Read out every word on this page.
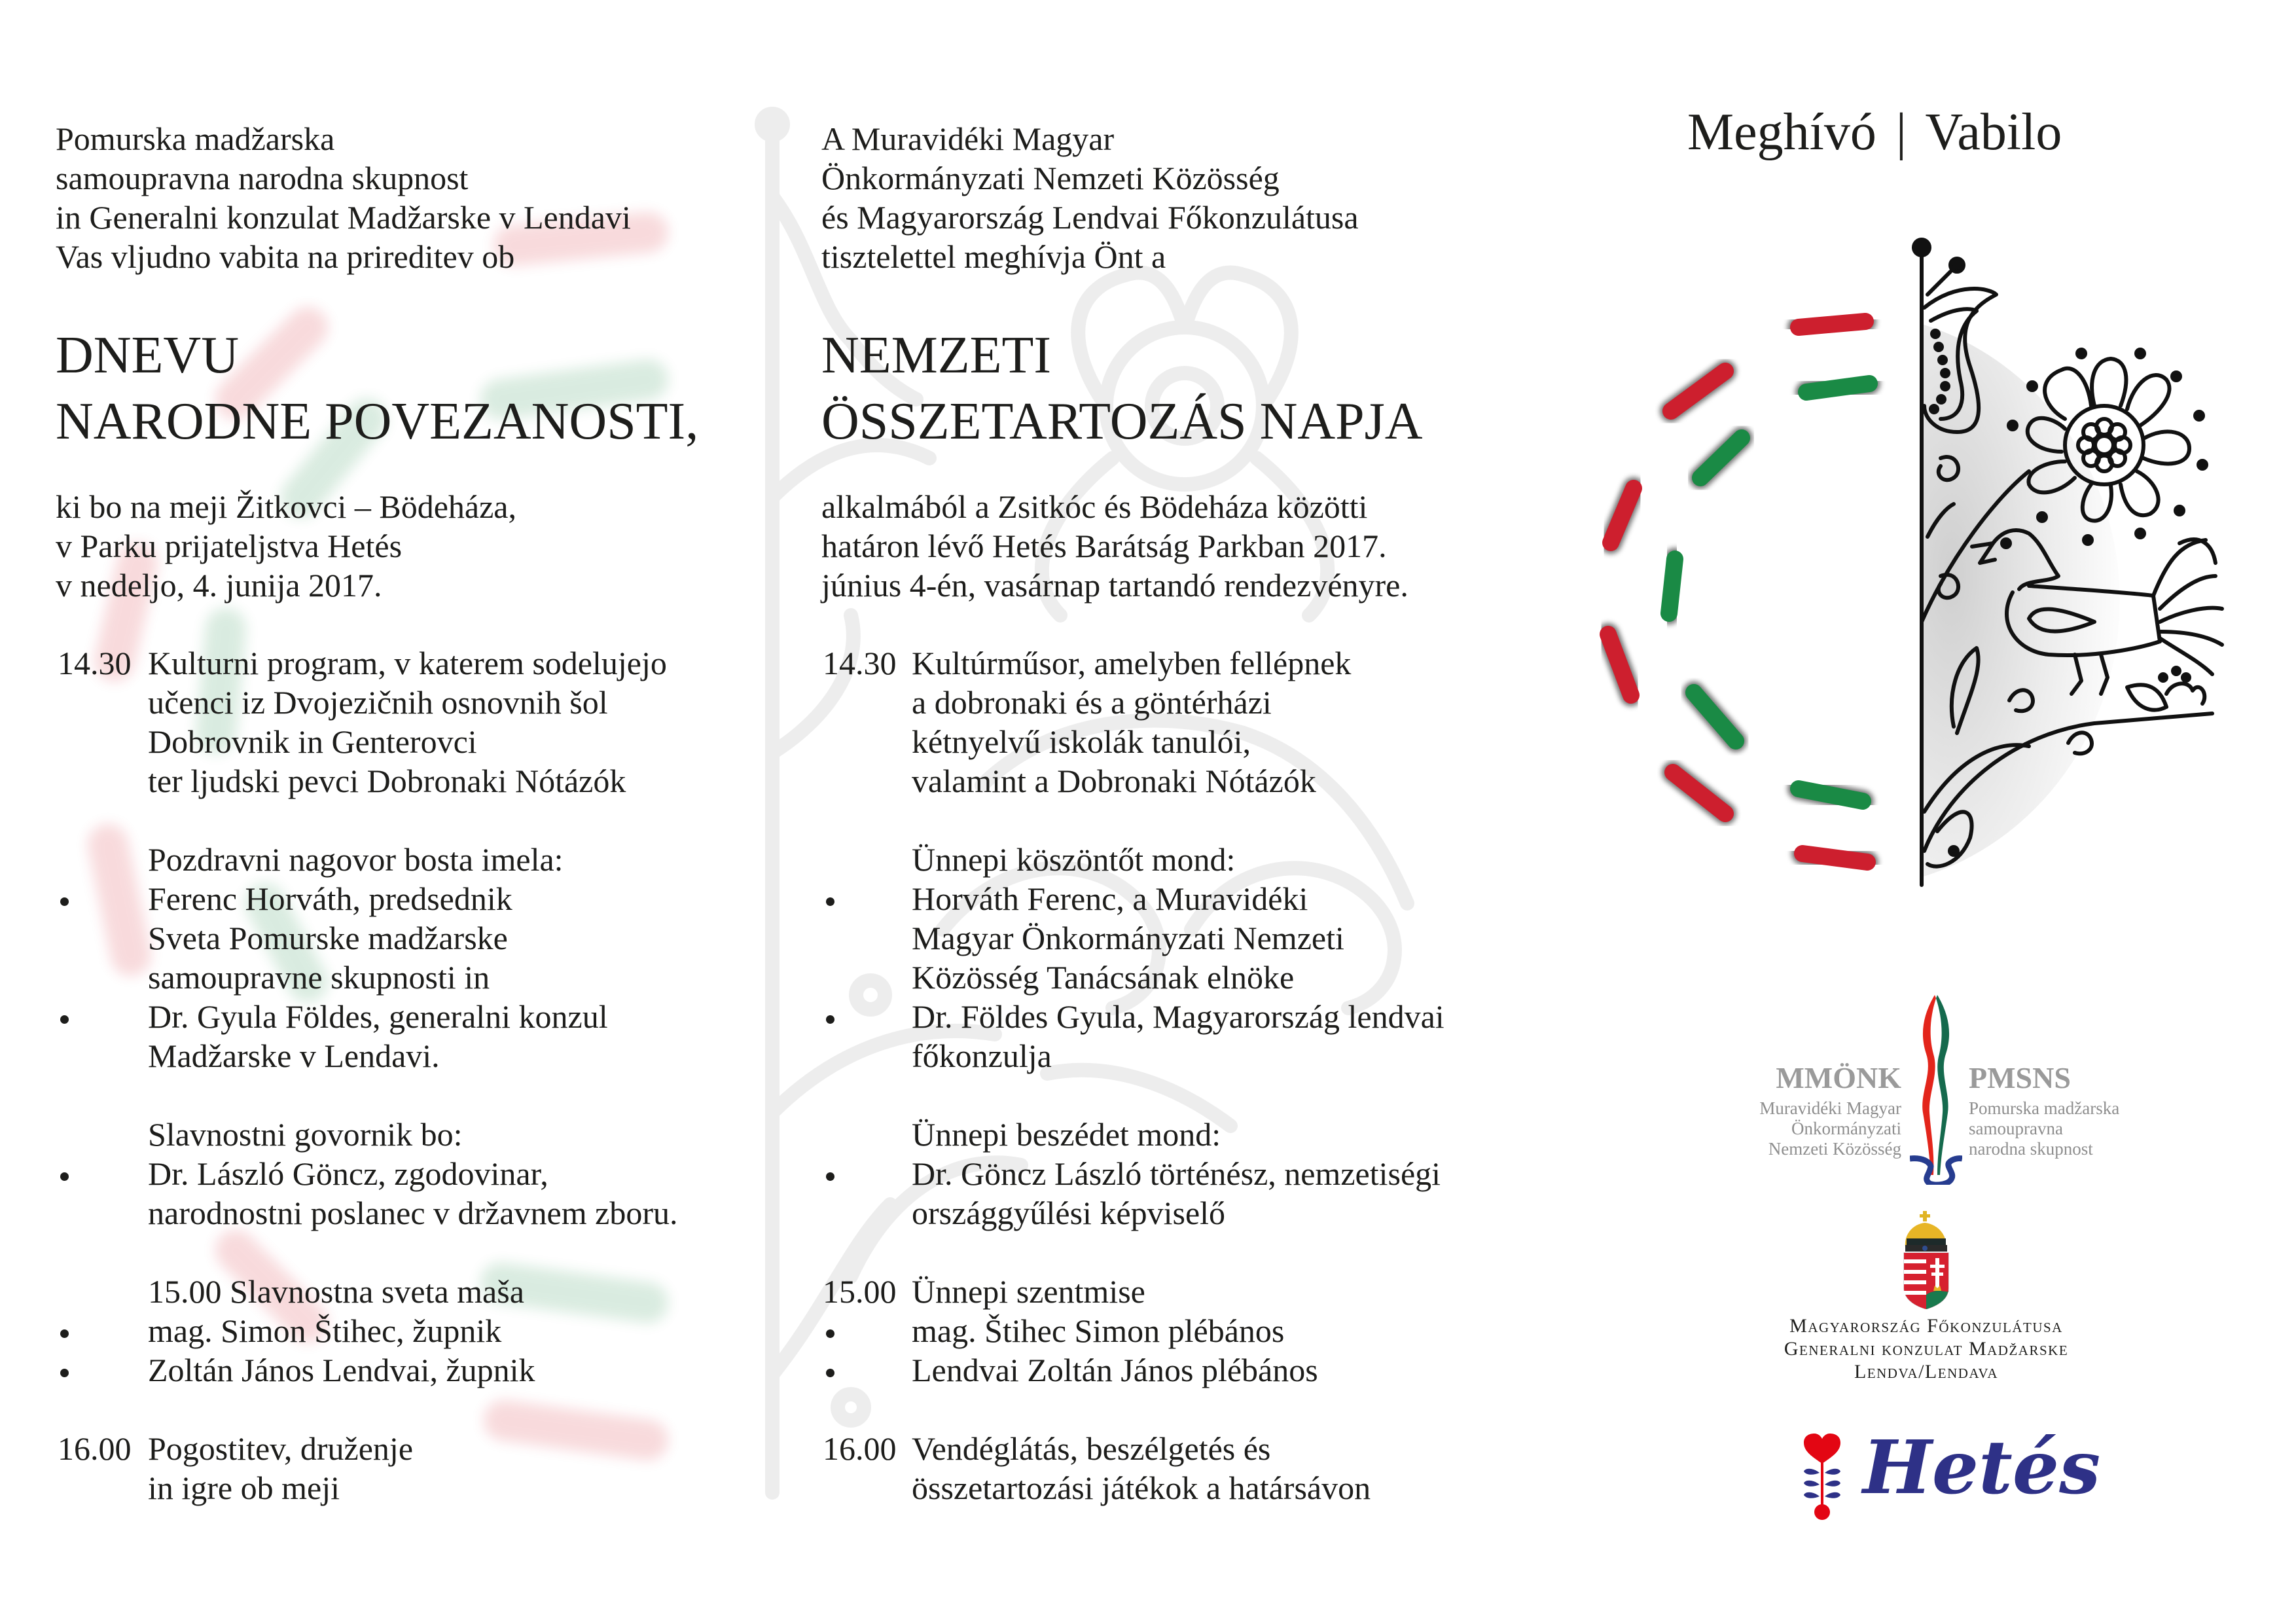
Pomurska madžarska
samoupravna narodna skupnost
in Generalni konzulat Madžarske v Lendavi
Vas vljudno vabita na prireditev ob
DNEVU
NARODNE POVEZANOSTI,
ki bo na meji Žitkovci – Bödeháza,
v Parku prijateljstva Hetés
v nedeljo, 4. junija 2017.
14.30 Kulturni program, v katerem sodelujejo
učenci iz Dvojezičnih osnovnih šol
Dobrovnik in Genterovci
ter ljudski pevci Dobronaki Nótázók
Pozdravni nagovor bosta imela:
Ferenc Horváth, predsednik
Sveta Pomurske madžarske
samoupravne skupnosti in
Dr. Gyula Földes, generalni konzul
Madžarske v Lendavi.
Slavnostni govornik bo:
Dr. László Göncz, zgodovinar,
narodnostni poslanec v državnem zboru.
15.00 Slavnostna sveta maša
mag. Simon Štihec, župnik
Zoltán János Lendvai, župnik
16.00 Pogostitev, druženje
in igre ob meji
A Muravidéki Magyar
Önkormányzati Nemzeti Közösség
és Magyarország Lendvai Főkonzulátusa
tisztelettel meghívja Önt a
NEMZETI
ÖSSZETARTOZÁS NAPJA
alkalmából a Zsitkóc és Bödeháza közötti
határon lévő Hetés Barátság Parkban 2017.
június 4-én, vasárnap tartandó rendezvényre.
14.30 Kultúrműsor, amelyben fellépnek
a dobronaki és a göntérházi
kétnyelvű iskolák tanulói,
valamint a Dobronaki Nótázók
Ünnepi köszöntőt mond:
Horváth Ferenc, a Muravidéki
Magyar Önkormányzati Nemzeti
Közösség Tanácsának elnöke
Dr. Földes Gyula, Magyarország lendvai
főkonzulja
Ünnepi beszédet mond:
Dr. Göncz László történész, nemzetiségi
országgyűlési képviselő
15.00 Ünnepi szentmise
mag. Štihec Simon plébános
Lendvai Zoltán János plébános
16.00 Vendéglátás, beszélgetés és
összetartozási játékok a határsávon
Meghívó | Vabilo
MMÖNK PMSNS
Muravidéki Magyar
Önkormányzati
Nemzeti Közösség
Pomurska madžarska
samoupravna
narodna skupnost
Magyarország Főkonzulátusa
Generalni konzulat Madžarske
Lendva/Lendava
Hetés
